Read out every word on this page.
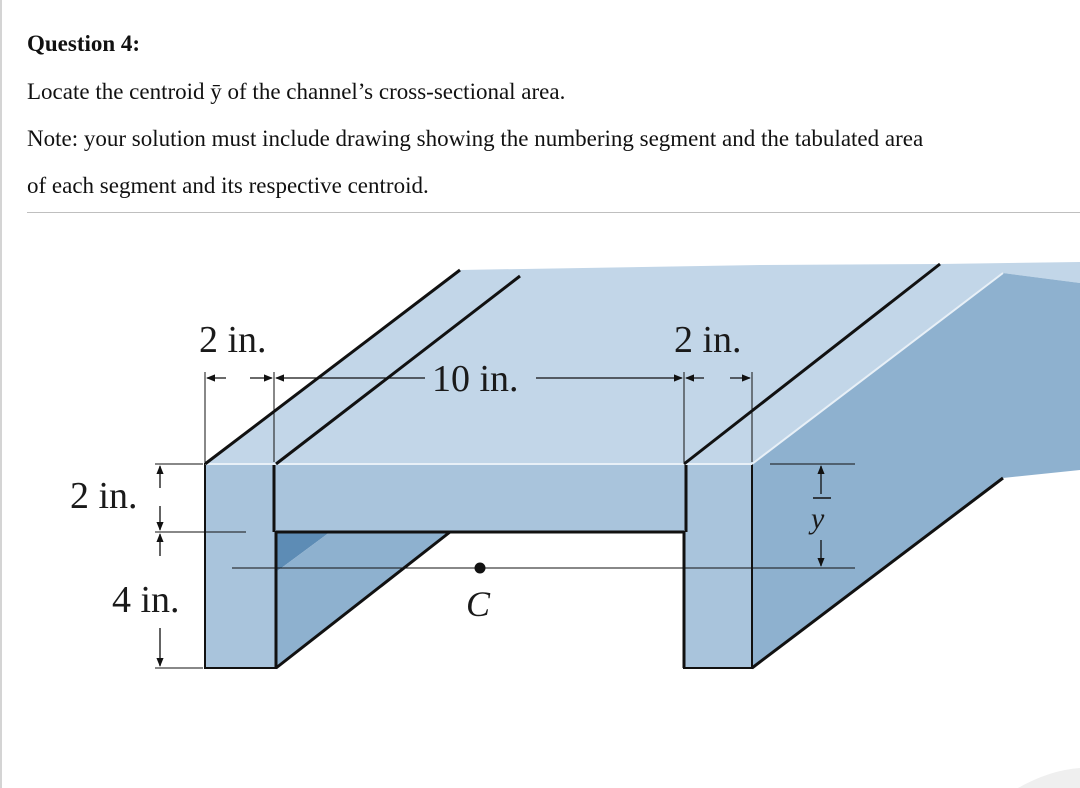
Question 4:
Locate the centroid ȳ of the channel’s cross-sectional area.
Note: your solution must include drawing showing the numbering segment and the tabulated area
of each segment and its respective centroid.
2 in.
10 in.
2 in.
2 in.
4 in.	C
y
